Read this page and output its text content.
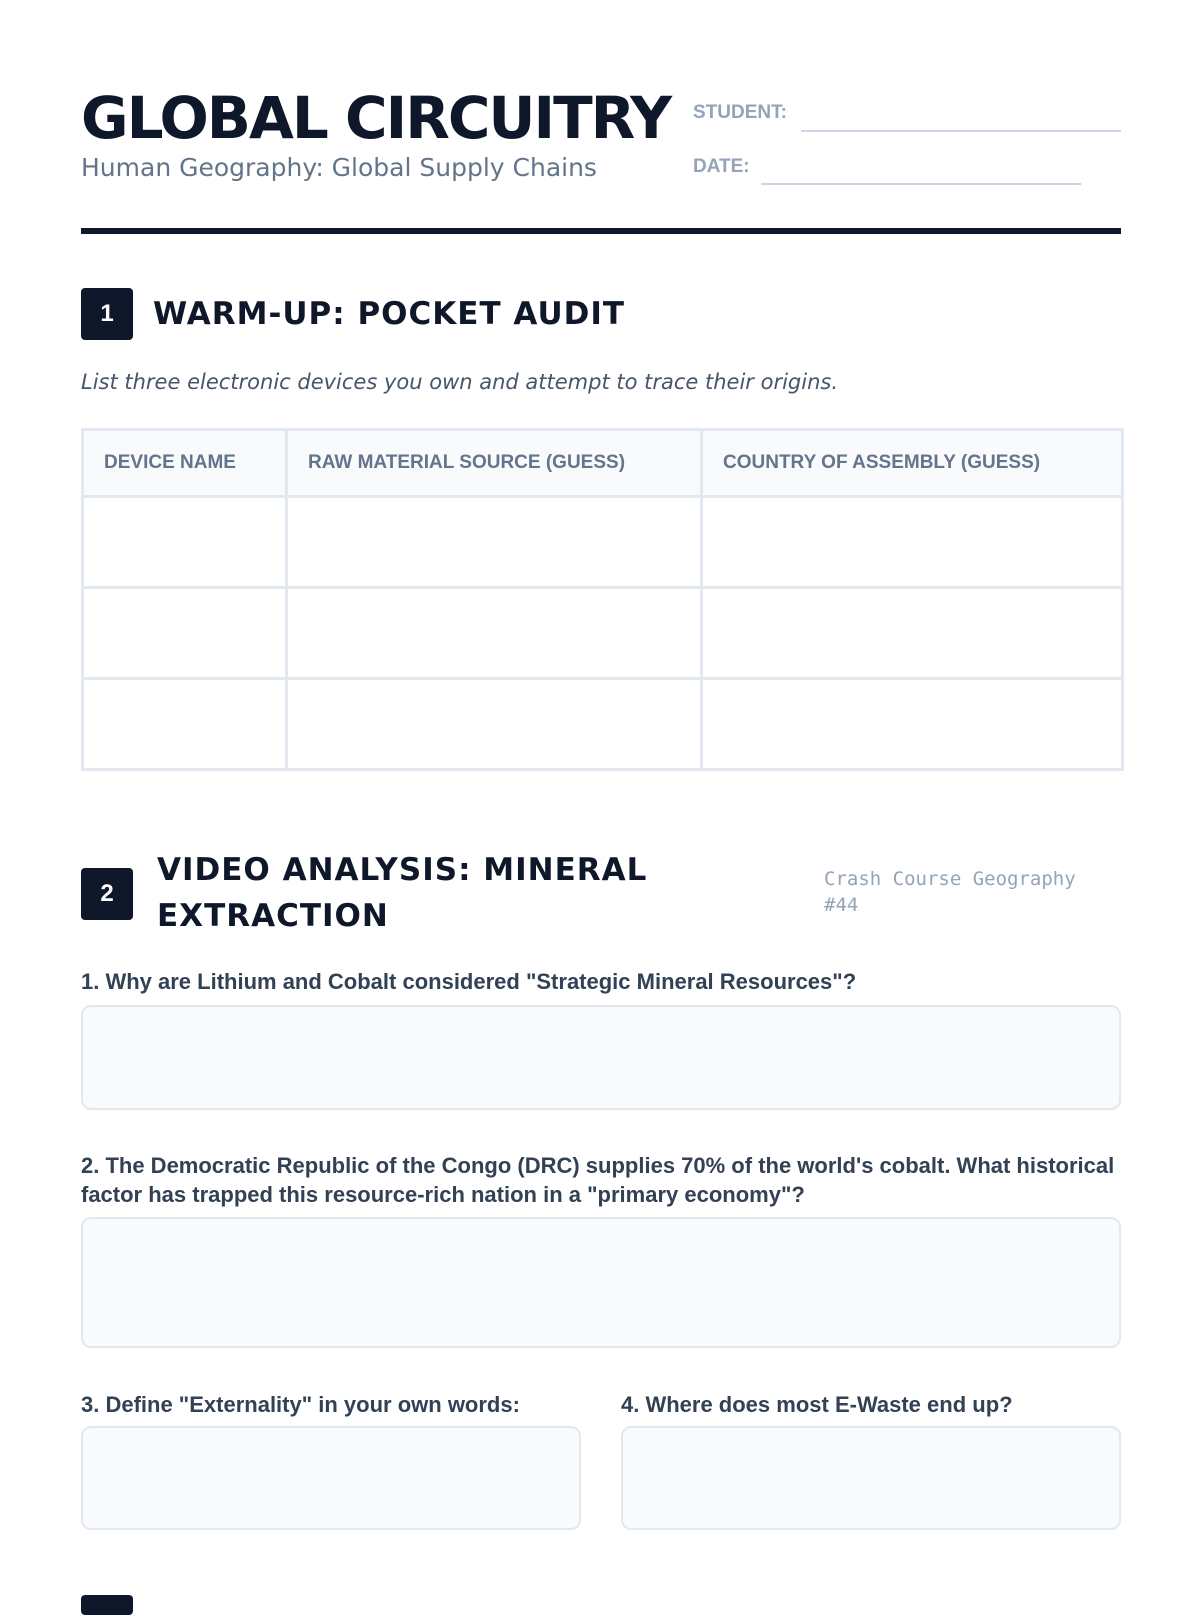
GLOBAL CIRCUITRY
Human Geography: Global Supply Chains
STUDENT:
DATE:
1	WARM-UP: POCKET AUDIT
List three electronic devices you own and attempt to trace their origins.
DEVICE NAME	RAW MATERIAL SOURCE (GUESS)	COUNTRY OF ASSEMBLY (GUESS)

2
VIDEO ANALYSIS: MINERAL EXTRACTION
Crash Course Geography #44
1. Why are Lithium and Cobalt considered "Strategic Mineral Resources"?
2. The Democratic Republic of the Congo (DRC) supplies 70% of the world's cobalt. What historical factor has trapped this resource-rich nation in a "primary economy"?
3. Define "Externality" in your own words:	4. Where does most E-Waste end up?
